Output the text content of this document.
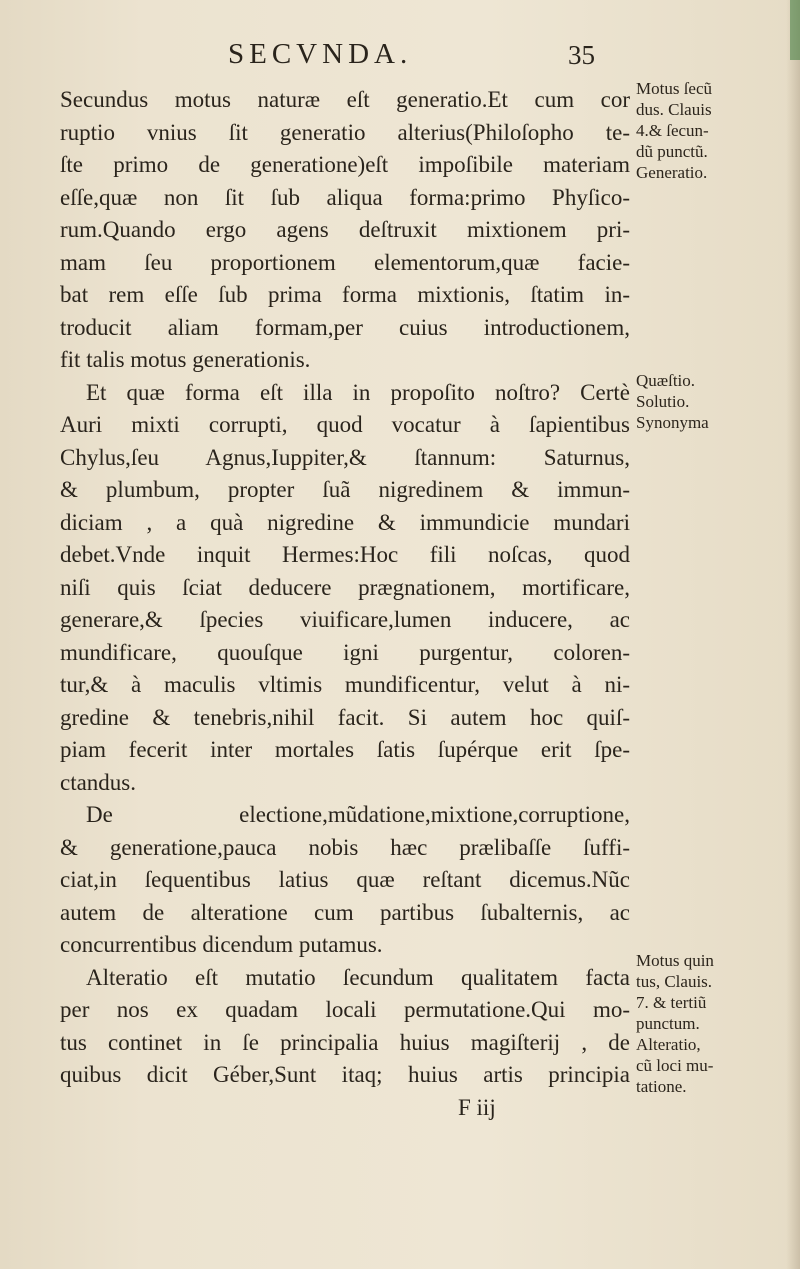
SECVNDA.	35
Secundus motus naturæ eſt generatio.Et cum cor
ruptio vnius ſit generatio alterius(Philoſopho te-
ſte primo de generatione)eſt impoſibile materiam
eſſe,quæ non ſit ſub aliqua forma:primo Phyſico-
rum.Quando ergo agens deſtruxit mixtionem pri-
mam ſeu proportionem elementorum,quæ facie-
bat rem eſſe ſub prima forma mixtionis, ſtatim in-
troducit aliam formam,per cuius introductionem,
fit talis motus generationis.
Et quæ forma eſt illa in propoſito noſtro? Certè
Auri mixti corrupti, quod vocatur à ſapientibus
Chylus,ſeu Agnus,Iuppiter,& ſtannum: Saturnus,
& plumbum, propter ſuã nigredinem & immun-
diciam , a quà nigredine & immundicie mundari
debet.Vnde inquit Hermes:Hoc fili noſcas, quod
niſi quis ſciat deducere prægnationem, mortificare,
generare,& ſpecies viuificare,lumen inducere, ac
mundificare, quouſque igni purgentur, coloren-
tur,& à maculis vltimis mundificentur, velut à ni-
gredine & tenebris,nihil facit. Si autem hoc quiſ-
piam fecerit inter mortales ſatis ſupérque erit ſpe-
ctandus.
De electione,mũdatione,mixtione,corruptione,
& generatione,pauca nobis hæc prælibaſſe ſuffi-
ciat,in ſequentibus latius quæ reſtant dicemus.Nũc
autem de alteratione cum partibus ſubalternis, ac
concurrentibus dicendum putamus.
Alteratio eſt mutatio ſecundum qualitatem facta
per nos ex quadam locali permutatione.Qui mo-
tus continet in ſe principalia huius magiſterij , de
quibus dicit Géber,Sunt itaq; huius artis principia
F iij
Motus ſecũ
dus. Clauis
4.& ſecun-
dũ punctũ.
Generatio.
Quæſtio.
Solutio.
Synonyma
Motus quin
tus, Clauis.
7. & tertiũ
punctum.
Alteratio,
cũ loci mu-
tatione.
